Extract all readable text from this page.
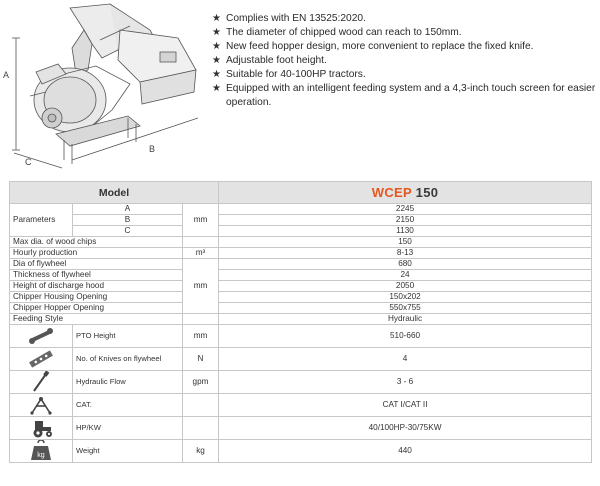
A
B
C
★ Complies with EN 13525:2020.
★ The diameter of chipped wood can reach to 150mm.
★ New feed hopper design, more convenient to replace the fixed knife.
★ Adjustable foot height.
★ Suitable for 40-100HP tractors.
★ Equipped with an intelligent feeding system and a 4,3-inch touch screen for easier operation.
Model			WCEP 150
Parameters	A	mm	2245
	B		2150
	C		1130
Max dia. of wood chips			150
Hourly production		m³	8-13
Dia of flywheel		mm	680
Thickness of flywheel			24
Height of discharge hood			2050
Chipper Housing Opening			150x202
Chipper Hopper Opening			550x755
Feeding Style			Hydraulic

	PTO Height	mm	510-660

	No. of Knives on flywheel	N	4

	Hydraulic Flow	gpm	3 - 6

	CAT.		CAT I/CAT II

	HP/KW		40/100HP-30/75KW

kg	Weight	kg	440
